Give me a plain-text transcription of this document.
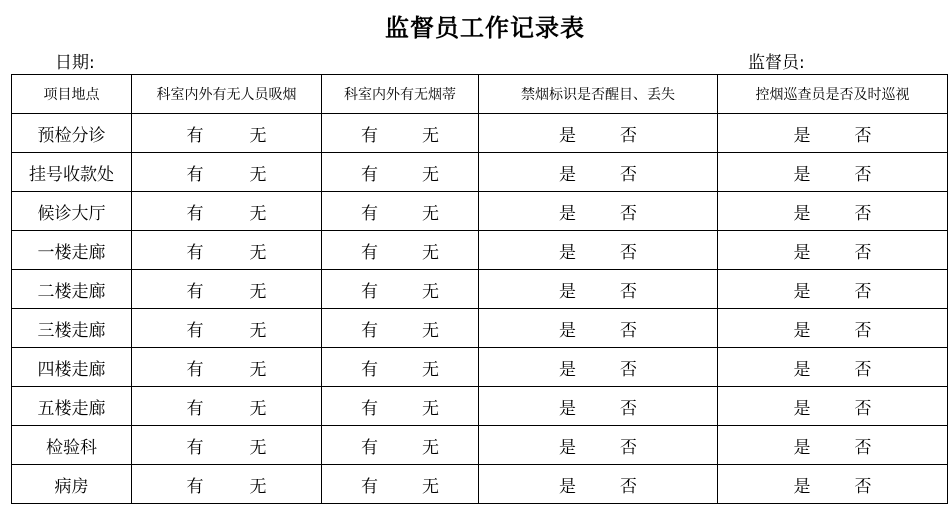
监督员工作记录表
日期:	监督员:
项目地点	科室内外有无人员吸烟	科室内外有无烟蒂	禁烟标识是否醒目、丢失	控烟巡查员是否及时巡视
预检分诊	有 无	有 无	是 否	是 否
挂号收款处	有 无	有 无	是 否	是 否
候诊大厅	有 无	有 无	是 否	是 否
一楼走廊	有 无	有 无	是 否	是 否
二楼走廊	有 无	有 无	是 否	是 否
三楼走廊	有 无	有 无	是 否	是 否
四楼走廊	有 无	有 无	是 否	是 否
五楼走廊	有 无	有 无	是 否	是 否
检验科	有 无	有 无	是 否	是 否
病房	有 无	有 无	是 否	是 否
